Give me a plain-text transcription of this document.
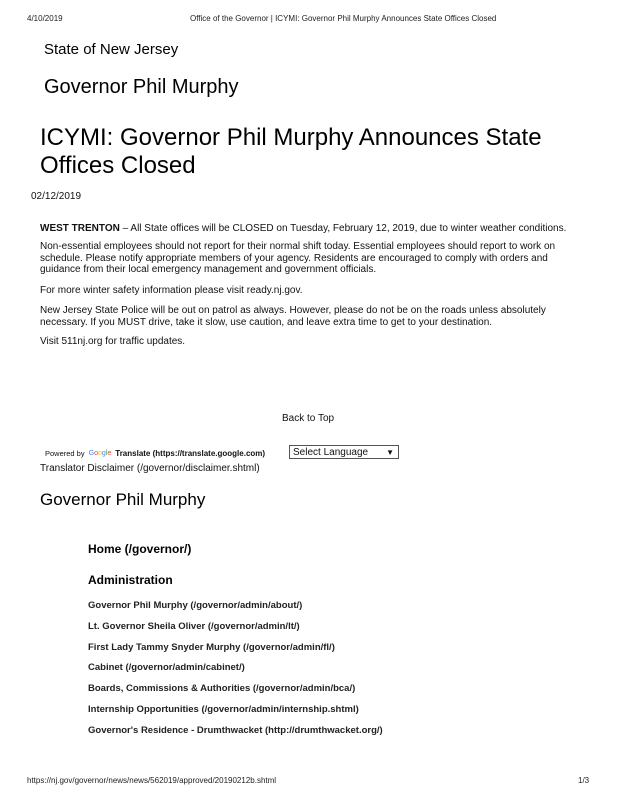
4/10/2019	Office of the Governor | ICYMI: Governor Phil Murphy Announces State Offices Closed
State of New Jersey
Governor Phil Murphy
ICYMI: Governor Phil Murphy Announces State Offices Closed
02/12/2019
WEST TRENTON – All State offices will be CLOSED on Tuesday, February 12, 2019, due to winter weather conditions.
Non-essential employees should not report for their normal shift today. Essential employees should report to work on schedule. Please notify appropriate members of your agency. Residents are encouraged to comply with orders and guidance from their local emergency management and government officials.
For more winter safety information please visit ready.nj.gov.
New Jersey State Police will be out on patrol as always. However, please do not be on the roads unless absolutely necessary. If you MUST drive, take it slow, use caution, and leave extra time to get to your destination.
Visit 511nj.org for traffic updates.
Back to Top
Powered by Google Translate (https://translate.google.com)	Select Language ▼
Translator Disclaimer (/governor/disclaimer.shtml)
Governor Phil Murphy
Home (/governor/)
Administration
Governor Phil Murphy (/governor/admin/about/)
Lt. Governor Sheila Oliver (/governor/admin/lt/)
First Lady Tammy Snyder Murphy (/governor/admin/fl/)
Cabinet (/governor/admin/cabinet/)
Boards, Commissions & Authorities (/governor/admin/bca/)
Internship Opportunities (/governor/admin/internship.shtml)
Governor's Residence - Drumthwacket (http://drumthwacket.org/)
https://nj.gov/governor/news/news/562019/approved/20190212b.shtml	1/3
